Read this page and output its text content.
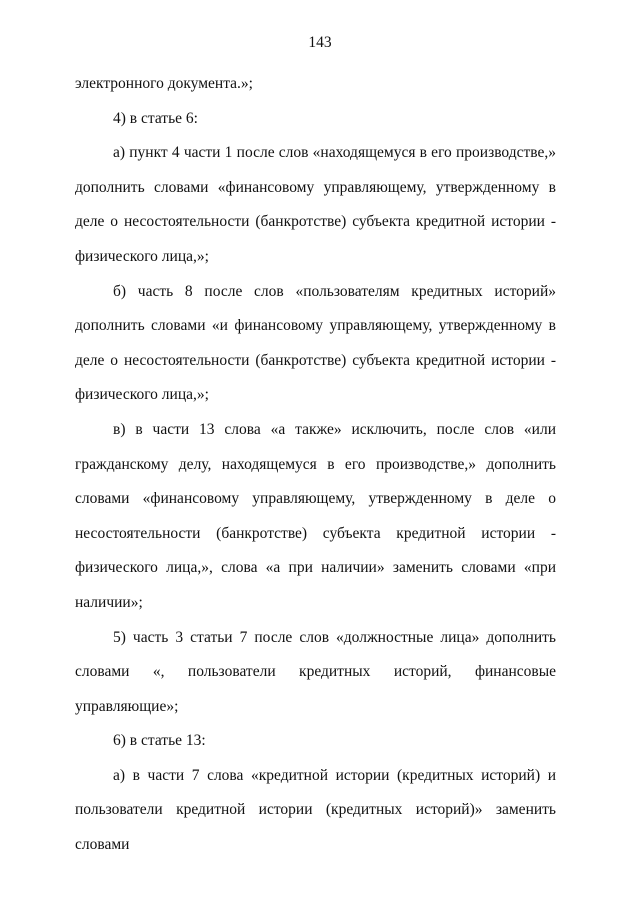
143

электронного документа.»;

4) в статье 6:

а) пункт 4 части 1 после слов «находящемуся в его производстве,» дополнить словами «финансовому управляющему, утвержденному в деле о несостоятельности (банкротстве) субъекта кредитной истории - физического лица,»;

б) часть 8 после слов «пользователям кредитных историй» дополнить словами «и финансовому управляющему, утвержденному в деле о несостоятельности (банкротстве) субъекта кредитной истории - физического лица,»;

в) в части 13 слова «а также» исключить, после слов «или гражданскому делу, находящемуся в его производстве,» дополнить словами «финансовому управляющему, утвержденному в деле о несостоятельности (банкротстве) субъекта кредитной истории - физического лица,», слова «а при наличии» заменить словами «при наличии»;

5) часть 3 статьи 7 после слов «должностные лица» дополнить словами «, пользователи кредитных историй, финансовые управляющие»;

6) в статье 13:

а) в части 7 слова «кредитной истории (кредитных историй) и пользователи кредитной истории (кредитных историй)» заменить словами
